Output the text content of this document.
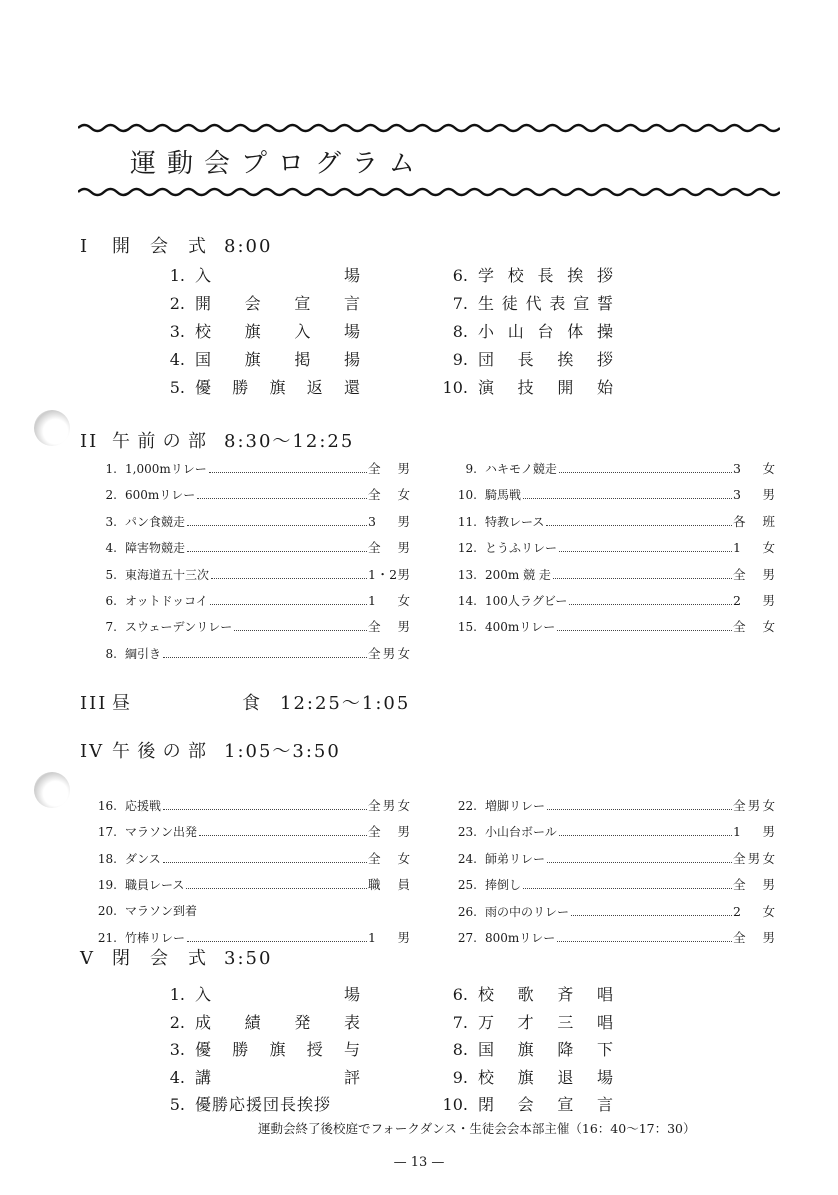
運動会プログラム
I 開会式 8:00
1. 入場
2. 開会宣言
3. 校旗入場
4. 国旗掲揚
5. 優勝旗返還
6. 学校長挨拶
7. 生徒代表宣誓
8. 小山台体操
9. 団長挨拶
10. 演技開始
II 午前の部 8:30～12:25
1. 1,000mリレー	全男
2. 600mリレー	全女
3. パン食競走	3 男
4. 障害物競走	全男
5. 東海道五十三次	1・2男
6. オットドッコイ	1 女
7. スウェーデンリレー	全男
8. 綱引き	全男女
9. ハキモノ競走	3 女
10. 騎馬戦	3 男
11. 特教レース	各班
12. とうふリレー	1 女
13. 200m 競 走	全男
14. 100人ラグビー	2 男
15. 400mリレー	全女
III 昼　　食 12:25～1:05
IV 午後の部 1:05～3:50
16. 応援戦	全男女
17. マラソン出発	全男
18. ダンス	全女
19. 職員レース	職員
20. マラソン到着
21. 竹棒リレー	1 男
22. 増脚リレー	全男女
23. 小山台ボール	1 男
24. 師弟リレー	全男女
25. 捧倒し	全男
26. 雨の中のリレー	2 女
27. 800mリレー	全男
V 閉会式 3:50
1. 入場
2. 成績発表
3. 優勝旗授与
4. 講評
5. 優勝応援団長挨拶
6. 校歌斉唱
7. 万才三唱
8. 国旗降下
9. 校旗退場
10. 閉会宣言
運動会終了後校庭でフォークダンス・生徒会会本部主催（16：40～17：30）
— 13 —
